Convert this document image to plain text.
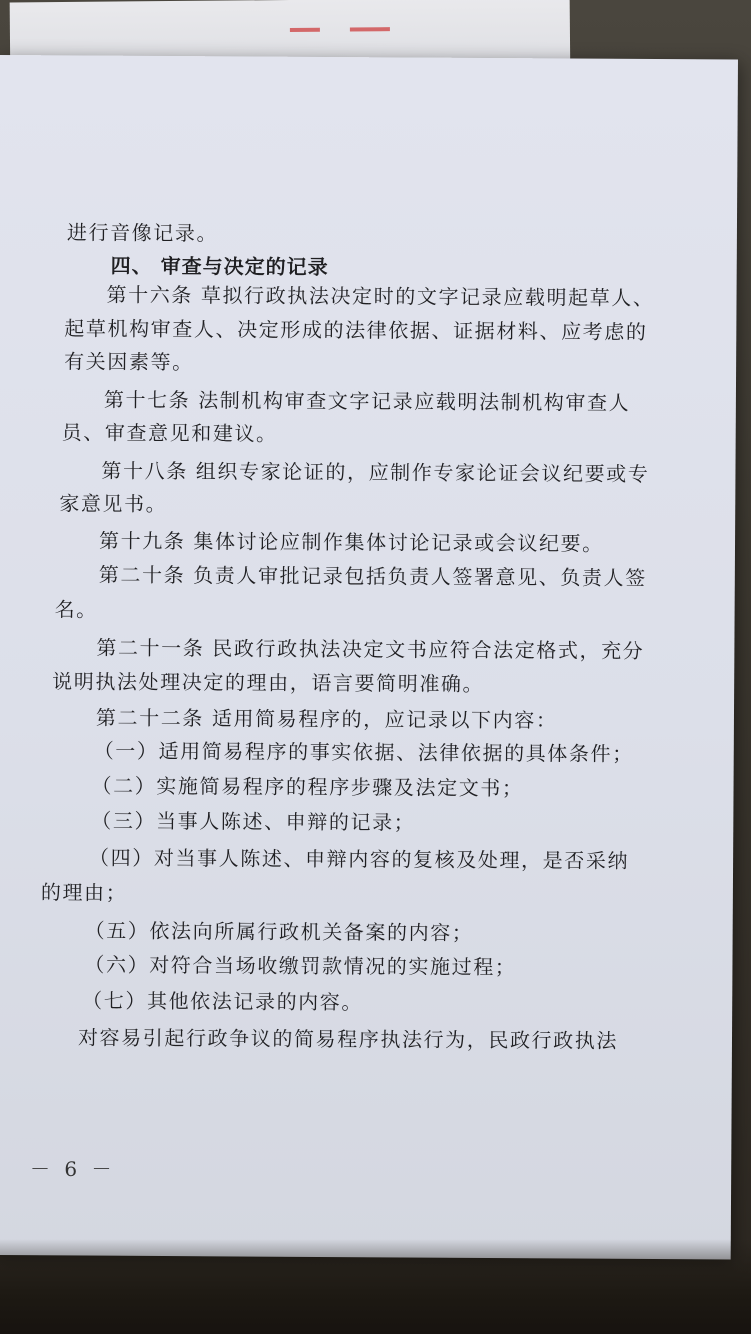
进行音像记录。

四、 审查与决定的记录

第十六条 草拟行政执法决定时的文字记录应载明起草人、

起草机构审查人、决定形成的法律依据、证据材料、应考虑的

有关因素等。

第十七条 法制机构审查文字记录应载明法制机构审查人

员、审查意见和建议。

第十八条 组织专家论证的，应制作专家论证会议纪要或专

家意见书。

第十九条 集体讨论应制作集体讨论记录或会议纪要。

第二十条 负责人审批记录包括负责人签署意见、负责人签

名。

第二十一条 民政行政执法决定文书应符合法定格式，充分

说明执法处理决定的理由，语言要简明准确。

第二十二条 适用简易程序的，应记录以下内容：

（一）适用简易程序的事实依据、法律依据的具体条件；

（二）实施简易程序的程序步骤及法定文书；

（三）当事人陈述、申辩的记录；

（四）对当事人陈述、申辩内容的复核及处理，是否采纳

的理由；

（五）依法向所属行政机关备案的内容；

（六）对符合当场收缴罚款情况的实施过程；

（七）其他依法记录的内容。

对容易引起行政争议的简易程序执法行为，民政行政执法

－ 6 －
